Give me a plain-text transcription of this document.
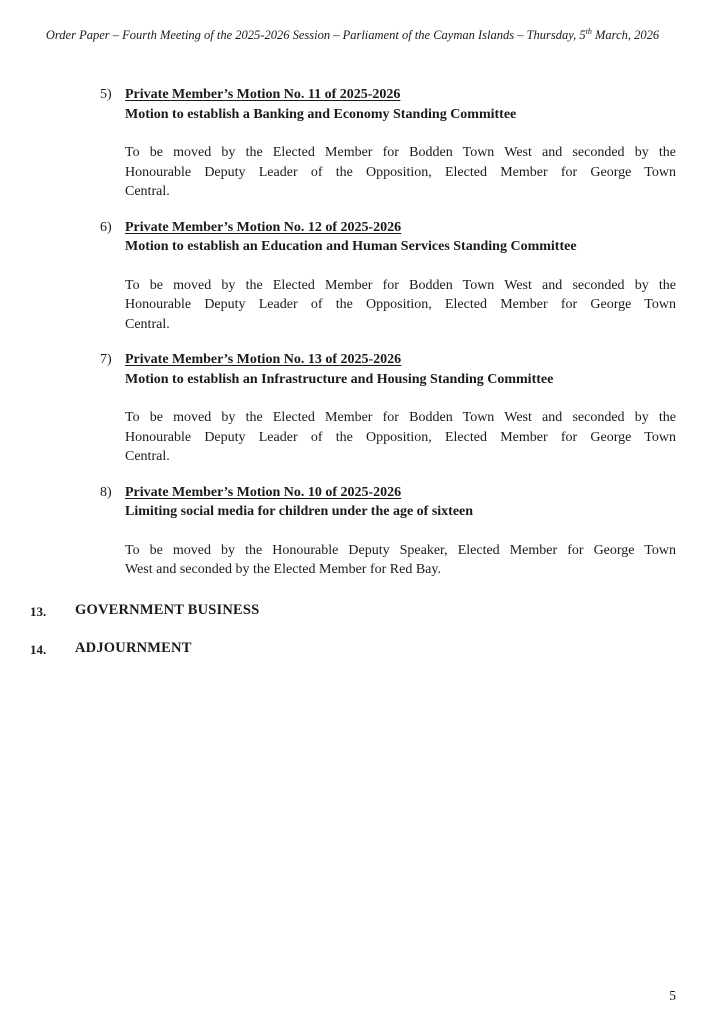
Order Paper – Fourth Meeting of the 2025-2026 Session – Parliament of the Cayman Islands – Thursday, 5th March, 2026
5) Private Member’s Motion No. 11 of 2025-2026
Motion to establish a Banking and Economy Standing Committee
To be moved by the Elected Member for Bodden Town West and seconded by the
Honourable Deputy Leader of the Opposition, Elected Member for George Town
Central.
6) Private Member’s Motion No. 12 of 2025-2026
Motion to establish an Education and Human Services Standing Committee
To be moved by the Elected Member for Bodden Town West and seconded by the
Honourable Deputy Leader of the Opposition, Elected Member for George Town
Central.
7) Private Member’s Motion No. 13 of 2025-2026
Motion to establish an Infrastructure and Housing Standing Committee
To be moved by the Elected Member for Bodden Town West and seconded by the
Honourable Deputy Leader of the Opposition, Elected Member for George Town
Central.
8) Private Member’s Motion No. 10 of 2025-2026
Limiting social media for children under the age of sixteen
To be moved by the Honourable Deputy Speaker, Elected Member for George Town
West and seconded by the Elected Member for Red Bay.
13.	GOVERNMENT BUSINESS
14.	ADJOURNMENT
5
